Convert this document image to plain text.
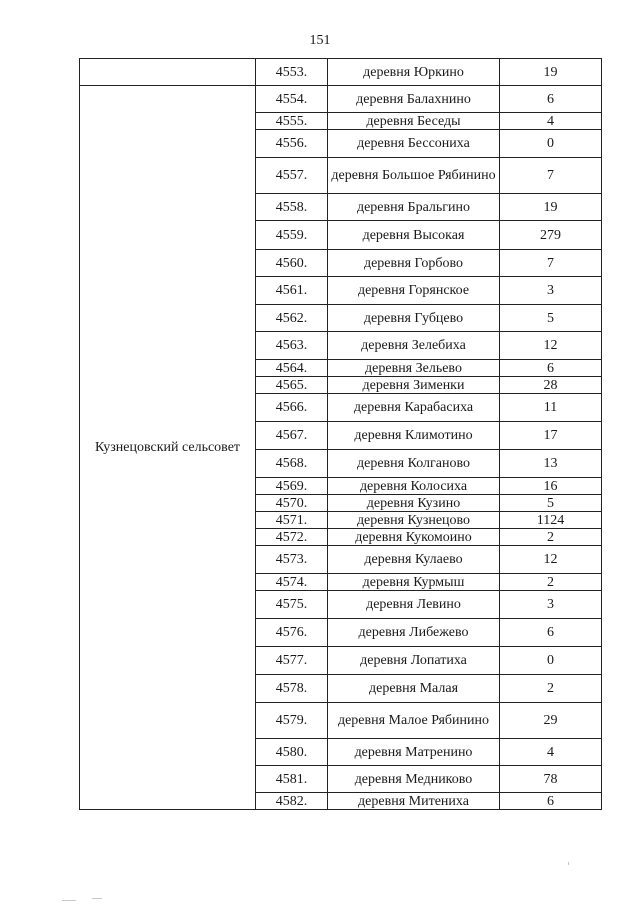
151
	4553.	деревня Юркино	19
Кузнецовский сельсовет	4554.	деревня Балахнино	6
	4555.	деревня Беседы	4
	4556.	деревня Бессониха	0
	4557.	деревня Большое Рябинино	7
	4558.	деревня Бральгино	19
	4559.	деревня Высокая	279
	4560.	деревня Горбово	7
	4561.	деревня Горянское	3
	4562.	деревня Губцево	5
	4563.	деревня Зелебиха	12
	4564.	деревня Зельево	6
	4565.	деревня Зименки	28
	4566.	деревня Карабасиха	11
	4567.	деревня Климотино	17
	4568.	деревня Колганово	13
	4569.	деревня Колосиха	16
	4570.	деревня Кузино	5
	4571.	деревня Кузнецово	1124
	4572.	деревня Кукомоино	2
	4573.	деревня Кулаево	12
	4574.	деревня Курмыш	2
	4575.	деревня Левино	3
	4576.	деревня Либежево	6
	4577.	деревня Лопатиха	0
	4578.	деревня Малая	2
	4579.	деревня Малое Рябинино	29
	4580.	деревня Матренино	4
	4581.	деревня Медниково	78
	4582.	деревня Митениха	6
